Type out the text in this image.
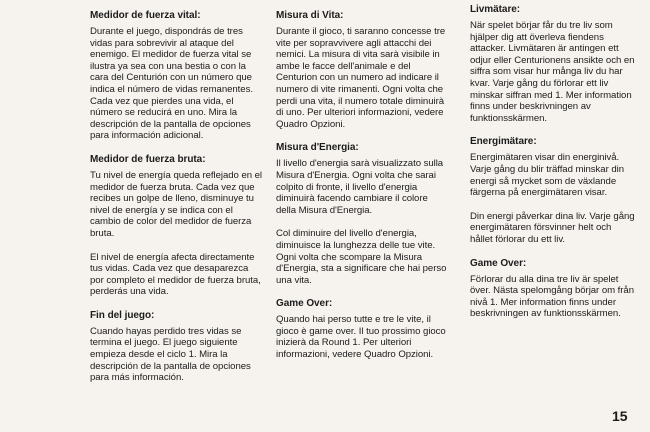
Medidor de fuerza vital:
Durante el juego, dispondrás de tres vidas para sobrevivir al ataque del enemigo. El medidor de fuerza vital se ilustra ya sea con una bestia o con la cara del Centurión con un número que indica el número de vidas remanentes. Cada vez que pierdes una vida, el número se reducirá en uno. Mira la descripción de la pantalla de opciones para información adicional.
Medidor de fuerza bruta:
Tu nivel de energía queda reflejado en el medidor de fuerza bruta. Cada vez que recibes un golpe de lleno, disminuye tu nivel de energía y se indica con el cambio de color del medidor de fuerza bruta.
El nivel de energía afecta directamente tus vidas. Cada vez que desaparezca por completo el medidor de fuerza bruta, perderás una vida.
Fin del juego:
Cuando hayas perdido tres vidas se termina el juego. El juego siguiente empieza desde el ciclo 1. Mira la descripción de la pantalla de opciones para más información.
Misura di Vita:
Durante il gioco, ti saranno concesse tre vite per sopravvivere agli attacchi dei nemici. La misura di vita sarà visibile in ambe le facce dell'animale e del Centurion con un numero ad indicare il numero di vite rimanenti. Ogni volta che perdi una vita, il numero totale diminuirà di uno. Per ulteriori informazioni, vedere Quadro Opzioni.
Misura d'Energia:
Il livello d'energia sarà visualizzato sulla Misura d'Energia. Ogni volta che sarai colpito di fronte, il livello d'energia diminuirà facendo cambiare il colore della Misura d'Energia.
Col diminuire del livello d'energia, diminuisce la lunghezza delle tue vite. Ogni volta che scompare la Misura d'Energia, sta a significare che hai perso una vita.
Game Over:
Quando hai perso tutte e tre le vite, il gioco è game over. Il tuo prossimo gioco inizierà da Round 1. Per ulteriori informazioni, vedere Quadro Opzioni.
Livmätare:
När spelet börjar får du tre liv som hjälper dig att överleva fiendens attacker. Livmätaren är antingen ett odjur eller Centurionens ansikte och en siffra som visar hur många liv du har kvar. Varje gång du förlorar ett liv minskar siffran med 1. Mer information finns under beskrivningen av funktionsskärmen.
Energimätare:
Energimätaren visar din energinivå. Varje gång du blir träffad minskar din energi så mycket som de växlande färgerna på energimätaren visar.
Din energi påverkar dina liv. Varje gång energimätaren försvinner helt och hållet förlorar du ett liv.
Game Over:
Förlorar du alla dina tre liv är spelet över. Nästa spelomgång börjar om från nivå 1. Mer information finns under beskrivningen av funktionsskärmen.
15
